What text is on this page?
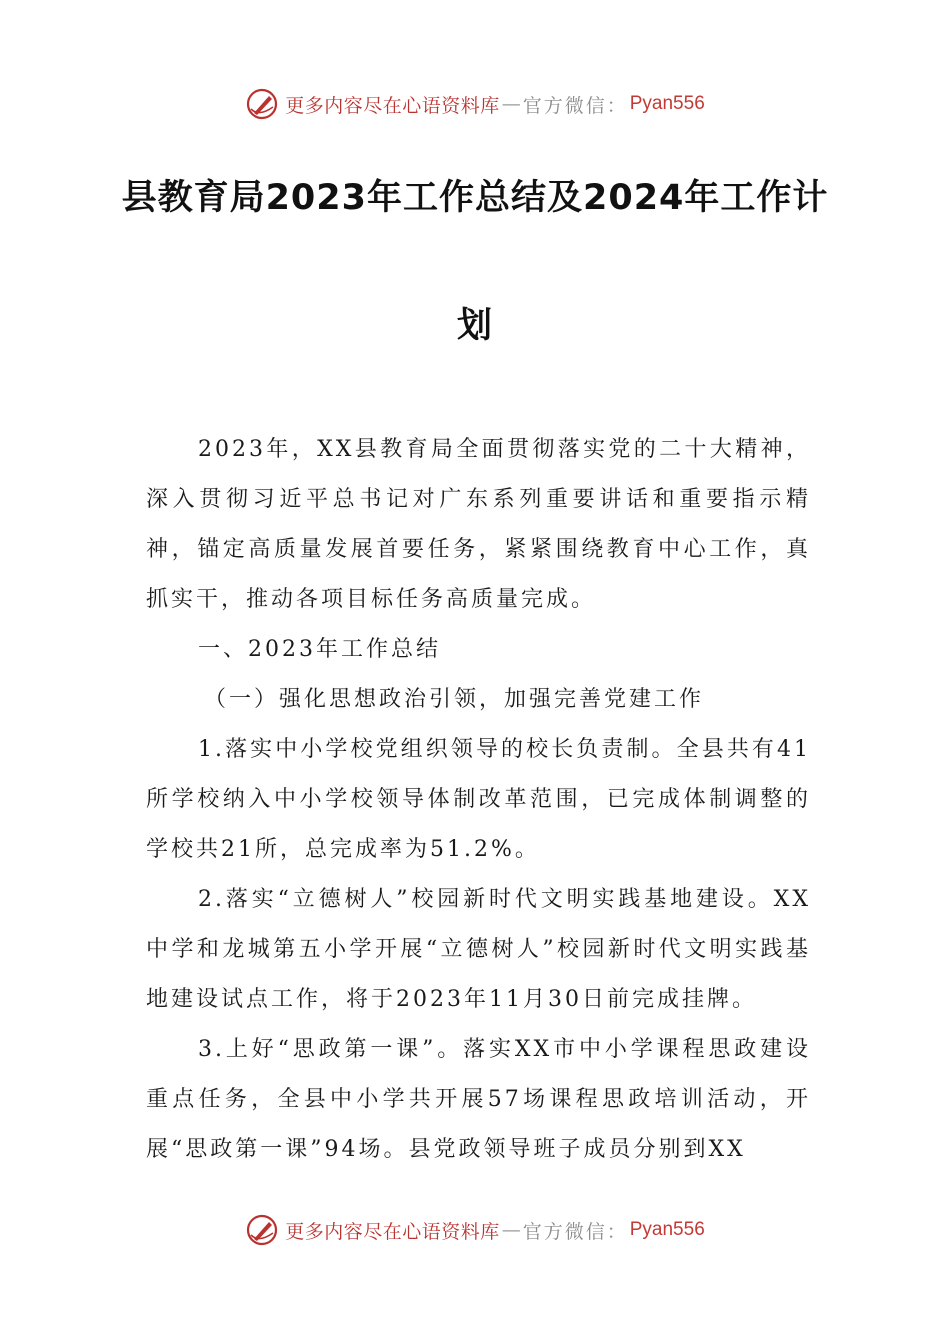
更多内容尽在心语资料库 — 官方微信： Pyan556
县教育局2023年工作总结及2024年工作计
划

2023年，XX县教育局全面贯彻落实党的二十大精神，深入贯彻习近平总书记对广东系列重要讲话和重要指示精神，锚定高质量发展首要任务，紧紧围绕教育中心工作，真抓实干，推动各项目标任务高质量完成。

一、2023年工作总结

（一）强化思想政治引领，加强完善党建工作

1.落实中小学校党组织领导的校长负责制。全县共有41所学校纳入中小学校领导体制改革范围，已完成体制调整的学校共21所，总完成率为51.2%。

2.落实“立德树人”校园新时代文明实践基地建设。XX中学和龙城第五小学开展“立德树人”校园新时代文明实践基地建设试点工作，将于2023年11月30日前完成挂牌。

3.上好“思政第一课”。落实XX市中小学课程思政建设重点任务，全县中小学共开展57场课程思政培训活动，开展“思政第一课”94场。县党政领导班子成员分别到XX

更多内容尽在心语资料库 — 官方微信： Pyan556
